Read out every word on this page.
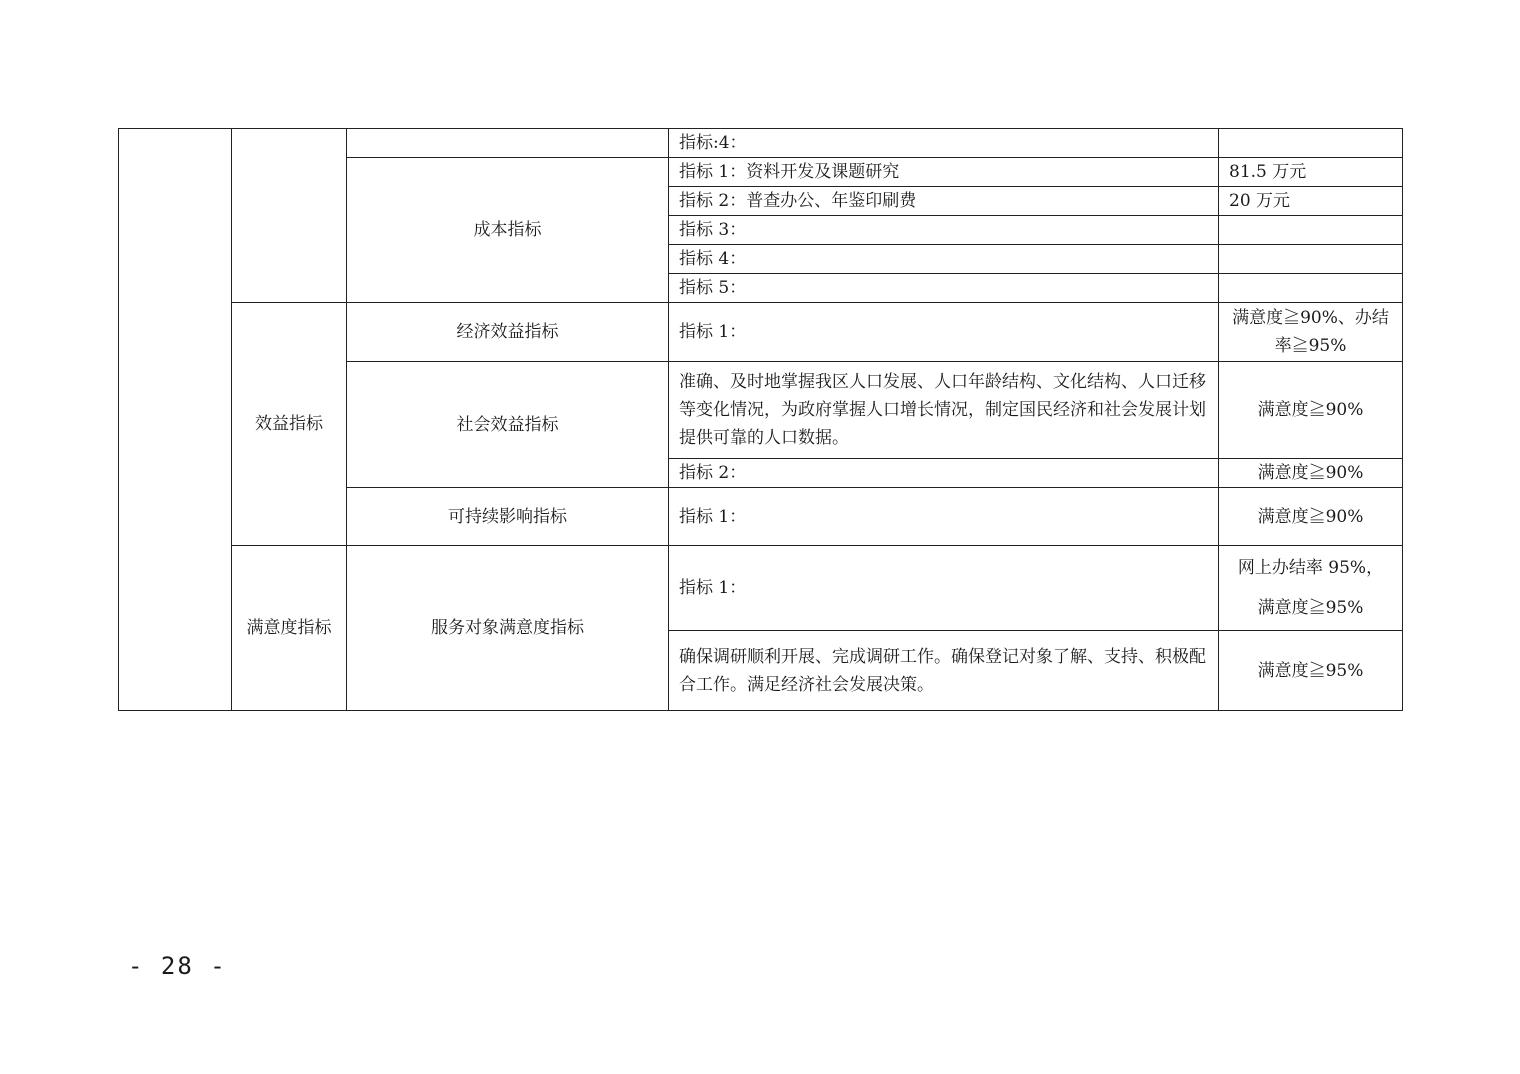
			指标:4：	
		成本指标	指标 1：资料开发及课题研究	81.5 万元
			指标 2：普查办公、年鉴印刷费	20 万元
			指标 3：	
			指标 4：	
			指标 5：	
	效益指标	经济效益指标	指标 1：	满意度≧90%、办结
率≧95%

		社会效益指标	准确、及时地掌握我区人口发展、人口年龄结构、文化结构、人口迁移等变化情况，为政府掌握人口增长情况，制定国民经济和社会发展计划提供可靠的人口数据。	满意度≧90%
			指标 2：	满意度≧90%
		可持续影响指标	指标 1：	满意度≧90%
	满意度指标	服务对象满意度指标	指标 1：	网上办结率 95%，
满意度≧95%

			确保调研顺利开展、完成调研工作。确保登记对象了解、支持、积极配合工作。满足经济社会发展决策。	满意度≧95%
- 28 -
